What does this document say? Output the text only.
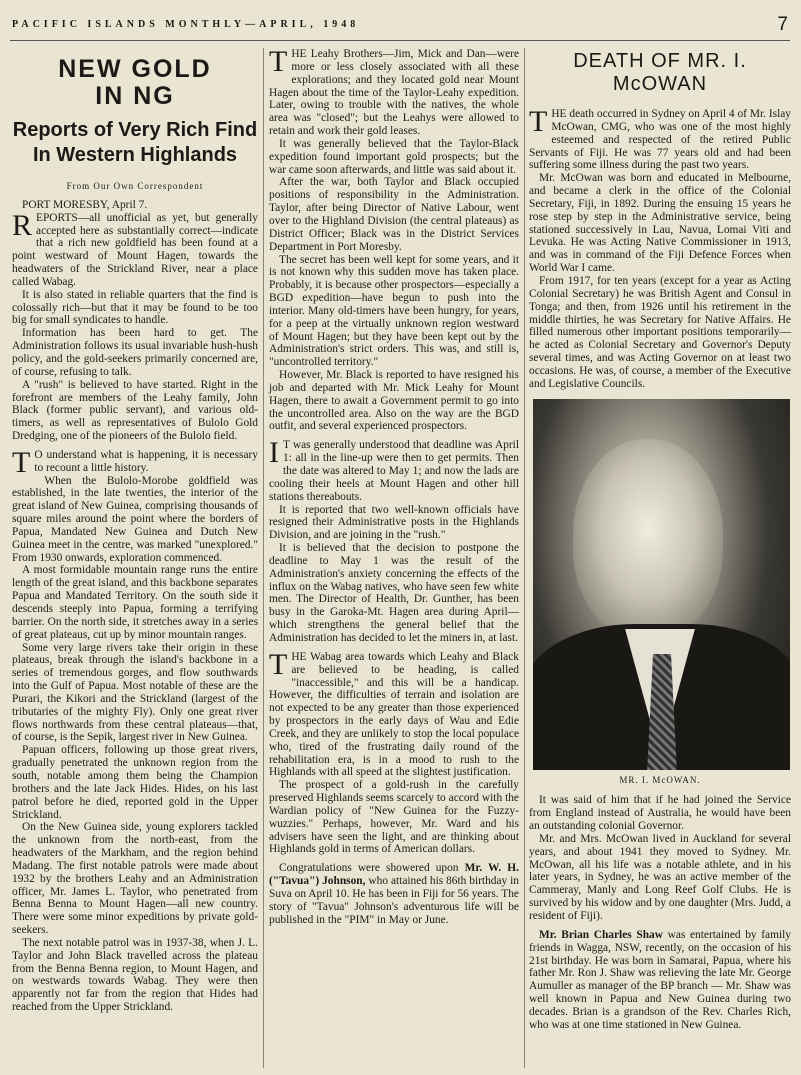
PACIFIC ISLANDS MONTHLY—APRIL, 1948	7
NEW GOLD
IN NG
Reports of Very Rich Find In Western Highlands
From Our Own Correspondent

PORT MORESBY, April 7.

REPORTS—all unofficial as yet, but generally accepted here as substantially correct—indicate that a rich new goldfield has been found at a point westward of Mount Hagen, towards the headwaters of the Strickland River, near a place called Wabag.

It is also stated in reliable quarters that the find is colossally rich—but that it may be found to be too big for small syndicates to handle.

Information has been hard to get. The Administration follows its usual invariable hush-hush policy, and the gold-seekers primarily concerned are, of course, refusing to talk.

A "rush" is believed to have started. Right in the forefront are members of the Leahy family, John Black (former public servant), and various old-timers, as well as representatives of Bulolo Gold Dredging, one of the pioneers of the Bulolo field.

T O understand what is happening, it is necessary to recount a little history.

When the Bulolo-Morobe goldfield was established, in the late twenties, the interior of the great island of New Guinea, comprising thousands of square miles around the point where the borders of Papua, Mandated New Guinea and Dutch New Guinea meet in the centre, was marked "unexplored." From 1930 onwards, exploration commenced.

A most formidable mountain range runs the entire length of the great island, and this backbone separates Papua and Mandated Territory. On the south side it descends steeply into Papua, forming a terrifying barrier. On the north side, it stretches away in a series of great plateaus, cut up by minor mountain ranges.

Some very large rivers take their origin in these plateaus, break through the island's backbone in a series of tremendous gorges, and flow southwards into the Gulf of Papua. Most notable of these are the Purari, the Kikori and the Strickland (largest of the tributaries of the mighty Fly). Only one great river flows northwards from these central plateaus—that, of course, is the Sepik, largest river in New Guinea.

Papuan officers, following up those great rivers, gradually penetrated the unknown region from the south, notable among them being the Champion brothers and the late Jack Hides. Hides, on his last patrol before he died, reported gold in the Upper Strickland.

On the New Guinea side, young explorers tackled the unknown from the north-east, from the headwaters of the Markham, and the region behind Madang. The first notable patrols were made about 1932 by the brothers Leahy and an Administration officer, Mr. James L. Taylor, who penetrated from Benna Benna to Mount Hagen—all new country. There were some minor expeditions by private gold-seekers.

The next notable patrol was in 1937-38, when J. L. Taylor and John Black travelled across the plateau from the Benna Benna region, to Mount Hagen, and on westwards towards Wabag. They were then apparently not far from the region that Hides had reached from the Upper Strickland.

THE Leahy Brothers—Jim, Mick and Dan—were more or less closely associated with all these explorations; and they located gold near Mount Hagen about the time of the Taylor-Leahy expedition. Later, owing to trouble with the natives, the whole area was "closed"; but the Leahys were allowed to retain and work their gold leases.

It was generally believed that the Taylor-Black expedition found important gold prospects; but the war came soon afterwards, and little was said about it.

After the war, both Taylor and Black occupied positions of responsibility in the Administration. Taylor, after being Director of Native Labour, went over to the Highland Division (the central plateaus) as District Officer; Black was in the District Services Department in Port Moresby.

The secret has been well kept for some years, and it is not known why this sudden move has taken place. Probably, it is because other prospectors—especially a BGD expedition—have begun to push into the interior. Many old-timers have been hungry, for years, for a peep at the virtually unknown region westward of Mount Hagen; but they have been kept out by the Administration's strict orders. This was, and still is, "uncontrolled territory."

However, Mr. Black is reported to have resigned his job and departed with Mr. Mick Leahy for Mount Hagen, there to await a Government permit to go into the uncontrolled area. Also on the way are the BGD outfit, and several experienced prospectors.

I T was generally understood that deadline was April 1: all in the line-up were then to get permits. Then the date was altered to May 1; and now the lads are cooling their heels at Mount Hagen and other hill stations thereabouts.

It is reported that two well-known officials have resigned their Administrative posts in the Highlands Division, and are joining in the "rush."

It is believed that the decision to postpone the deadline to May 1 was the result of the Administration's anxiety concerning the effects of the influx on the Wabag natives, who have seen few white men. The Director of Health, Dr. Gunther, has been busy in the Garoka-Mt. Hagen area during April—which strengthens the general belief that the Administration has decided to let the miners in, at last.

THE Wabag area towards which Leahy and Black are believed to be heading, is called "inaccessible," and this will be a handicap. However, the difficulties of terrain and isolation are not expected to be any greater than those experienced by prospectors in the early days of Wau and Edie Creek, and they are unlikely to stop the local populace who, tired of the frustrating daily round of the rehabilitation era, is in a mood to rush to the Highlands with all speed at the slightest justification.

The prospect of a gold-rush in the carefully preserved Highlands seems scarcely to accord with the Wardian policy of "New Guinea for the Fuzzy-wuzzies." Perhaps, however, Mr. Ward and his advisers have seen the light, and are thinking about Highlands gold in terms of American dollars.

Congratulations were showered upon Mr. W. H. ("Tavua") Johnson, who attained his 86th birthday in Suva on April 10. He has been in Fiji for 56 years. The story of "Tavua" Johnson's adventurous life will be published in the "PIM" in May or June.

DEATH OF MR. I. McOWAN

THE death occurred in Sydney on April 4 of Mr. Islay McOwan, CMG, who was one of the most highly esteemed and respected of the retired Public Servants of Fiji. He was 77 years old and had been suffering some illness during the past two years.

Mr. McOwan was born and educated in Melbourne, and became a clerk in the office of the Colonial Secretary, Fiji, in 1892. During the ensuing 15 years he rose step by step in the Administrative service, being stationed successively in Lau, Navua, Lomai Viti and Levuka. He was Acting Native Commissioner in 1913, and was in command of the Fiji Defence Forces when World War I came.

From 1917, for ten years (except for a year as Acting Colonial Secretary) he was British Agent and Consul in Tonga; and then, from 1926 until his retirement in the middle thirties, he was Secretary for Native Affairs. He filled numerous other important positions temporarily—he acted as Colonial Secretary and Governor's Deputy several times, and was Acting Governor on at least two occasions. He was, of course, a member of the Executive and Legislative Councils.

MR. I. McOWAN.

It was said of him that if he had joined the Service from England instead of Australia, he would have been an outstanding colonial Governor.

Mr. and Mrs. McOwan lived in Auckland for several years, and about 1941 they moved to Sydney. Mr. McOwan, all his life was a notable athlete, and in his later years, in Sydney, he was an active member of the Cammeray, Manly and Long Reef Golf Clubs. He is survived by his widow and by one daughter (Mrs. Judd, a resident of Fiji).

Mr. Brian Charles Shaw was entertained by family friends in Wagga, NSW, recently, on the occasion of his 21st birthday. He was born in Samarai, Papua, where his father Mr. Ron J. Shaw was relieving the late Mr. George Aumuller as manager of the BP branch — Mr. Shaw was well known in Papua and New Guinea during two decades. Brian is a grandson of the Rev. Charles Rich, who was at one time stationed in New Guinea.
